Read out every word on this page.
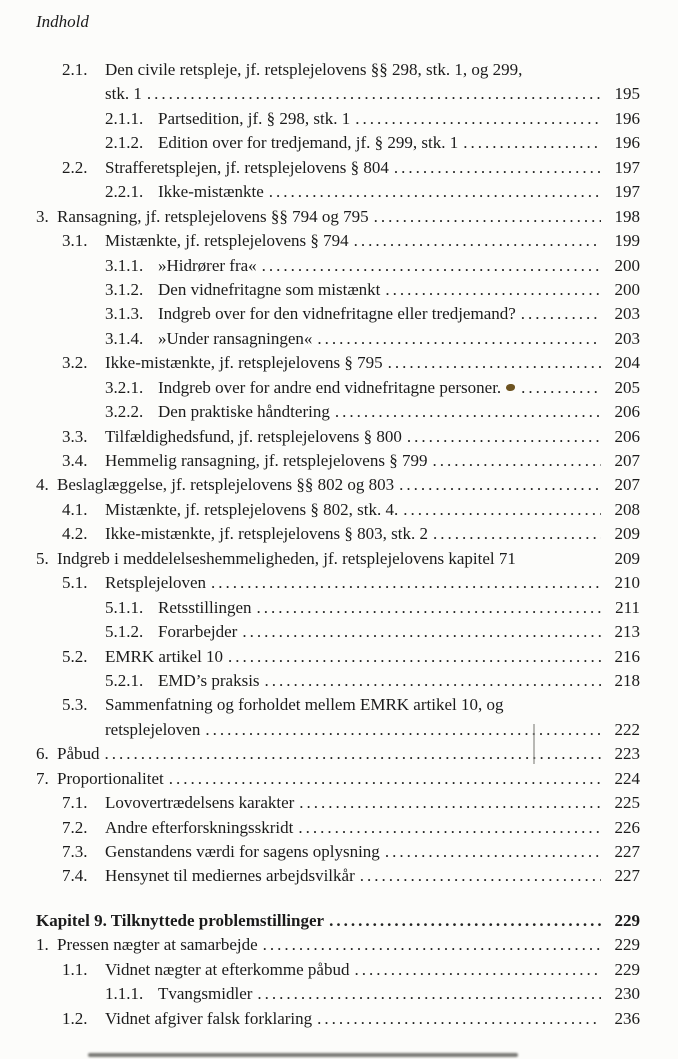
Indhold
2.1.	Den civile retspleje, jf. retsplejelovens §§ 298, stk. 1, og 299,
stk. 1 .....	195
2.1.1. Partsedition, jf. § 298, stk. 1 .....	196
2.1.2. Edition over for tredjemand, jf. § 299, stk. 1 .....	196
2.2.	Strafferetsplejen, jf. retsplejelovens § 804 .....	197
2.2.1. Ikke-mistænkte .....	197
3. Ransagning, jf. retsplejelovens §§ 794 og 795 .....	198
3.1.	Mistænkte, jf. retsplejelovens § 794 .....	199
3.1.1. »Hidrører fra« .....	200
3.1.2. Den vidnefritagne som mistænkt .....	200
3.1.3. Indgreb over for den vidnefritagne eller tredjemand? .....	203
3.1.4. »Under ransagningen« .....	203
3.2.	Ikke-mistænkte, jf. retsplejelovens § 795 .....	204
3.2.1. Indgreb over for andre end vidnefritagne personer. .....	205
3.2.2. Den praktiske håndtering .....	206
3.3.	Tilfældighedsfund, jf. retsplejelovens § 800 .....	206
3.4.	Hemmelig ransagning, jf. retsplejelovens § 799 .....	207
4. Beslaglæggelse, jf. retsplejelovens §§ 802 og 803 .....	207
4.1.	Mistænkte, jf. retsplejelovens § 802, stk. 4. .....	208
4.2.	Ikke-mistænkte, jf. retsplejelovens § 803, stk. 2 .....	209
5. Indgreb i meddelelseshemmeligheden, jf. retsplejelovens kapitel 71	209
5.1.	Retsplejeloven .....	210
5.1.1. Retsstillingen .....	211
5.1.2. Forarbejder .....	213
5.2.	EMRK artikel 10 .....	216
5.2.1. EMD’s praksis .....	218
5.3.	Sammenfatning og forholdet mellem EMRK artikel 10, og
retsplejeloven .....	222
6. Påbud .....	223
7. Proportionalitet .....	224
7.1.	Lovovertrædelsens karakter .....	225
7.2.	Andre efterforskningsskridt .....	226
7.3.	Genstandens værdi for sagens oplysning .....	227
7.4.	Hensynet til mediernes arbejdsvilkår .....	227
Kapitel 9. Tilknyttede problemstillinger .....	229
1. Pressen nægter at samarbejde .....	229
1.1.	Vidnet nægter at efterkomme påbud .....	229
1.1.1. Tvangsmidler .....	230
1.2.	Vidnet afgiver falsk forklaring .....	236
